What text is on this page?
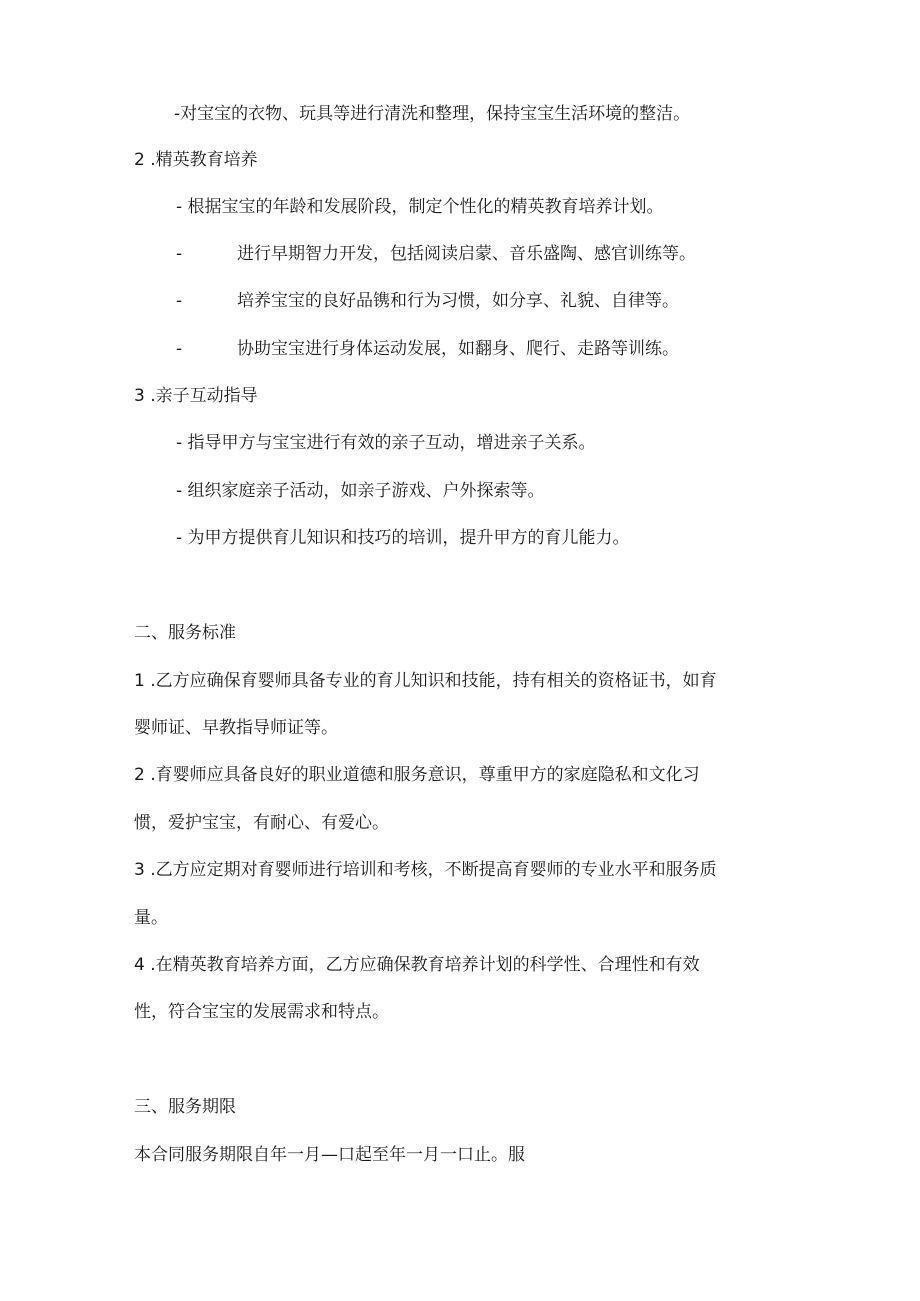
-对宝宝的衣物、玩具等进行清洗和整理，保持宝宝生活环境的整洁。
2 .精英教育培养
- 根据宝宝的年龄和发展阶段，制定个性化的精英教育培养计划。
-	进行早期智力开发，包括阅读启蒙、音乐盛陶、感官训练等。
-	培养宝宝的良好品镌和行为习惯，如分享、礼貌、自律等。
-	协助宝宝进行身体运动发展，如翻身、爬行、走路等训练。
3 .亲子互动指导
- 指导甲方与宝宝进行有效的亲子互动，增进亲子关系。
- 组织家庭亲子活动，如亲子游戏、户外探索等。
- 为甲方提供育儿知识和技巧的培训，提升甲方的育儿能力。
二、服务标准
1 .乙方应确保育婴师具备专业的育儿知识和技能，持有相关的资格证书，如育
婴师证、早教指导师证等。
2 .育婴师应具备良好的职业道德和服务意识，尊重甲方的家庭隐私和文化习
惯，爱护宝宝，有耐心、有爱心。
3 .乙方应定期对育婴师进行培训和考核，不断提高育婴师的专业水平和服务质
量。
4 .在精英教育培养方面，乙方应确保教育培养计划的科学性、合理性和有效
性，符合宝宝的发展需求和特点。
三、服务期限
本合同服务期限自年一月—口起至年一月一口止。服
